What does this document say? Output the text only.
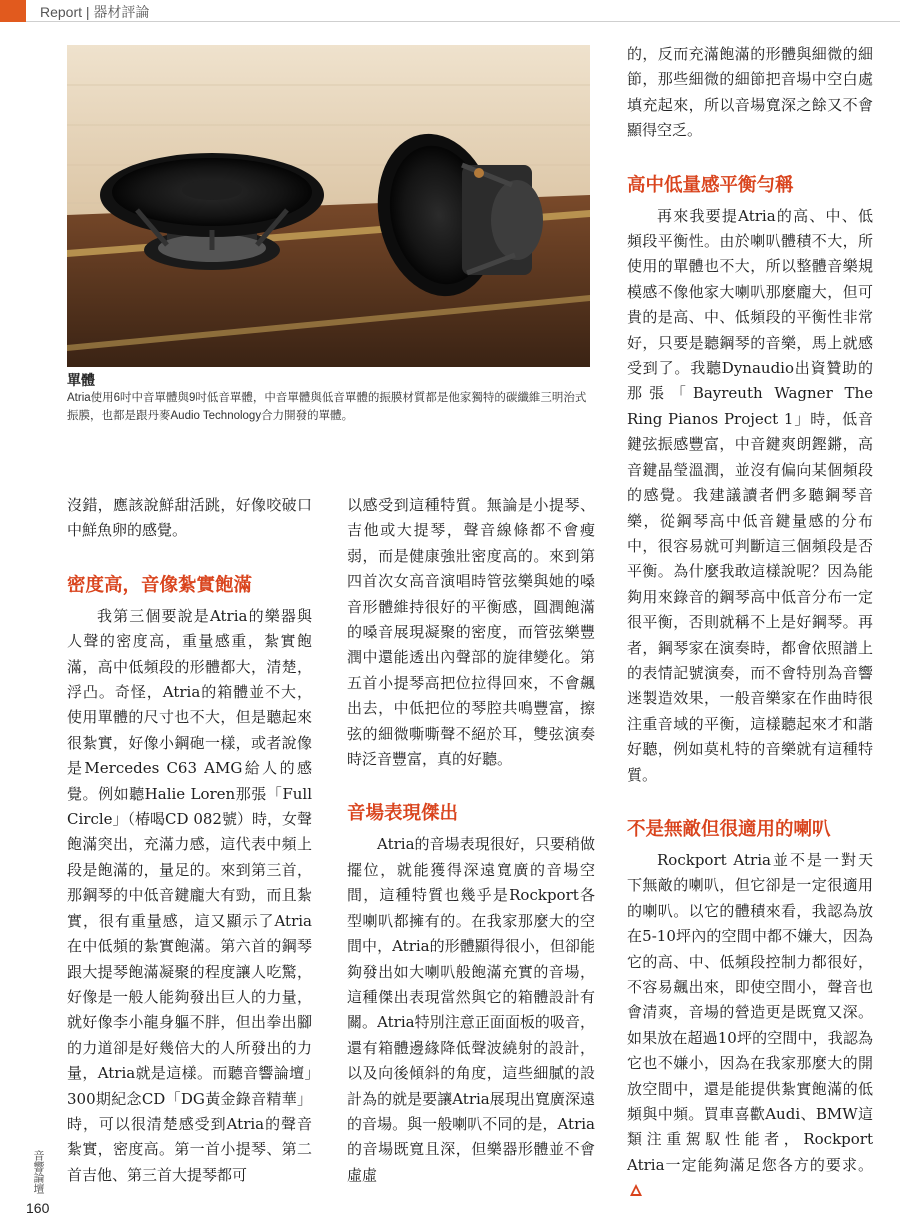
Report | 器材評論
單體
Atria使用6吋中音單體與9吋低音單體，中音單體與低音單體的振膜材質都是他家獨特的碳纖維三明治式振膜，也都是跟丹麥Audio Technology合力開發的單體。

沒錯，應該說鮮甜活跳，好像咬破口中鮮魚卵的感覺。

密度高，音像紮實飽滿

我第三個要說是Atria的樂器與人聲的密度高，重量感重，紮實飽滿，高中低頻段的形體都大，清楚，浮凸。奇怪，Atria的箱體並不大，使用單體的尺寸也不大，但是聽起來很紮實，好像小鋼砲一樣，或者說像是Mercedes C63 AMG給人的感覺。例如聽Halie Loren那張「Full Circle」（椿喝CD 082號）時，女聲飽滿突出，充滿力感，這代表中頻上段是飽滿的，量足的。來到第三首，那鋼琴的中低音鍵龐大有勁，而且紮實，很有重量感，這又顯示了Atria在中低頻的紮實飽滿。第六首的鋼琴跟大提琴飽滿凝聚的程度讓人吃驚，好像是一般人能夠發出巨人的力量，就好像李小龍身軀不胖，但出拳出腳的力道卻是好幾倍大的人所發出的力量，Atria就是這樣。而聽音響論壇」300期紀念CD「DG黃金錄音精華」時，可以很清楚感受到Atria的聲音紮實，密度高。第一首小提琴、第二首吉他、第三首大提琴都可

以感受到這種特質。無論是小提琴、吉他或大提琴，聲音線條都不會瘦弱，而是健康強壯密度高的。來到第四首次女高音演唱時管弦樂與她的嗓音形體維持很好的平衡感，圓潤飽滿的嗓音展現凝聚的密度，而管弦樂豐潤中還能透出內聲部的旋律變化。第五首小提琴高把位拉得回來，不會飆出去，中低把位的琴腔共鳴豐富，擦弦的細微嘶嘶聲不絕於耳，雙弦演奏時泛音豐富，真的好聽。

音場表現傑出

Atria的音場表現很好，只要稍做擺位，就能獲得深遠寬廣的音場空間，這種特質也幾乎是Rockport各型喇叭都擁有的。在我家那麼大的空間中，Atria的形體顯得很小，但卻能夠發出如大喇叭般飽滿充實的音場，這種傑出表現當然與它的箱體設計有關。Atria特別注意正面面板的吸音，還有箱體邊緣降低聲波繞射的設計，以及向後傾斜的角度，這些細膩的設計為的就是要讓Atria展現出寬廣深遠的音場。與一般喇叭不同的是，Atria的音場既寬且深，但樂器形體並不會虛虛

的，反而充滿飽滿的形體與細微的細節，那些細微的細節把音場中空白處填充起來，所以音場寬深之餘又不會顯得空乏。

高中低量感平衡勻稱

再來我要提Atria的高、中、低頻段平衡性。由於喇叭體積不大，所使用的單體也不大，所以整體音樂規模感不像他家大喇叭那麼龐大，但可貴的是高、中、低頻段的平衡性非常好，只要是聽鋼琴的音樂，馬上就感受到了。我聽Dynaudio出資贊助的那張「Bayreuth Wagner The Ring Pianos Project 1」時，低音鍵弦振感豐富，中音鍵爽朗鏗鏘，高音鍵晶瑩溫潤，並沒有偏向某個頻段的感覺。我建議讀者們多聽鋼琴音樂，從鋼琴高中低音鍵量感的分布中，很容易就可判斷這三個頻段是否平衡。為什麼我敢這樣說呢？因為能夠用來錄音的鋼琴高中低音分布一定很平衡，否則就稱不上是好鋼琴。再者，鋼琴家在演奏時，都會依照譜上的表情記號演奏，而不會特別為音響迷製造效果，一般音樂家在作曲時很注重音域的平衡，這樣聽起來才和諧好聽，例如莫札特的音樂就有這種特質。

不是無敵但很適用的喇叭

Rockport Atria並不是一對天下無敵的喇叭，但它卻是一定很適用的喇叭。以它的體積來看，我認為放在5-10坪內的空間中都不嫌大，因為它的高、中、低頻段控制力都很好，不容易飆出來，即使空間小，聲音也會清爽，音場的營造更是既寬又深。如果放在超過10坪的空間中，我認為它也不嫌小，因為在我家那麼大的開放空間中，還是能提供紮實飽滿的低頻與中頻。買車喜歡Audi、BMW這類注重駕馭性能者，Rockport Atria一定能夠滿足您各方的要求。

音響論壇
160
